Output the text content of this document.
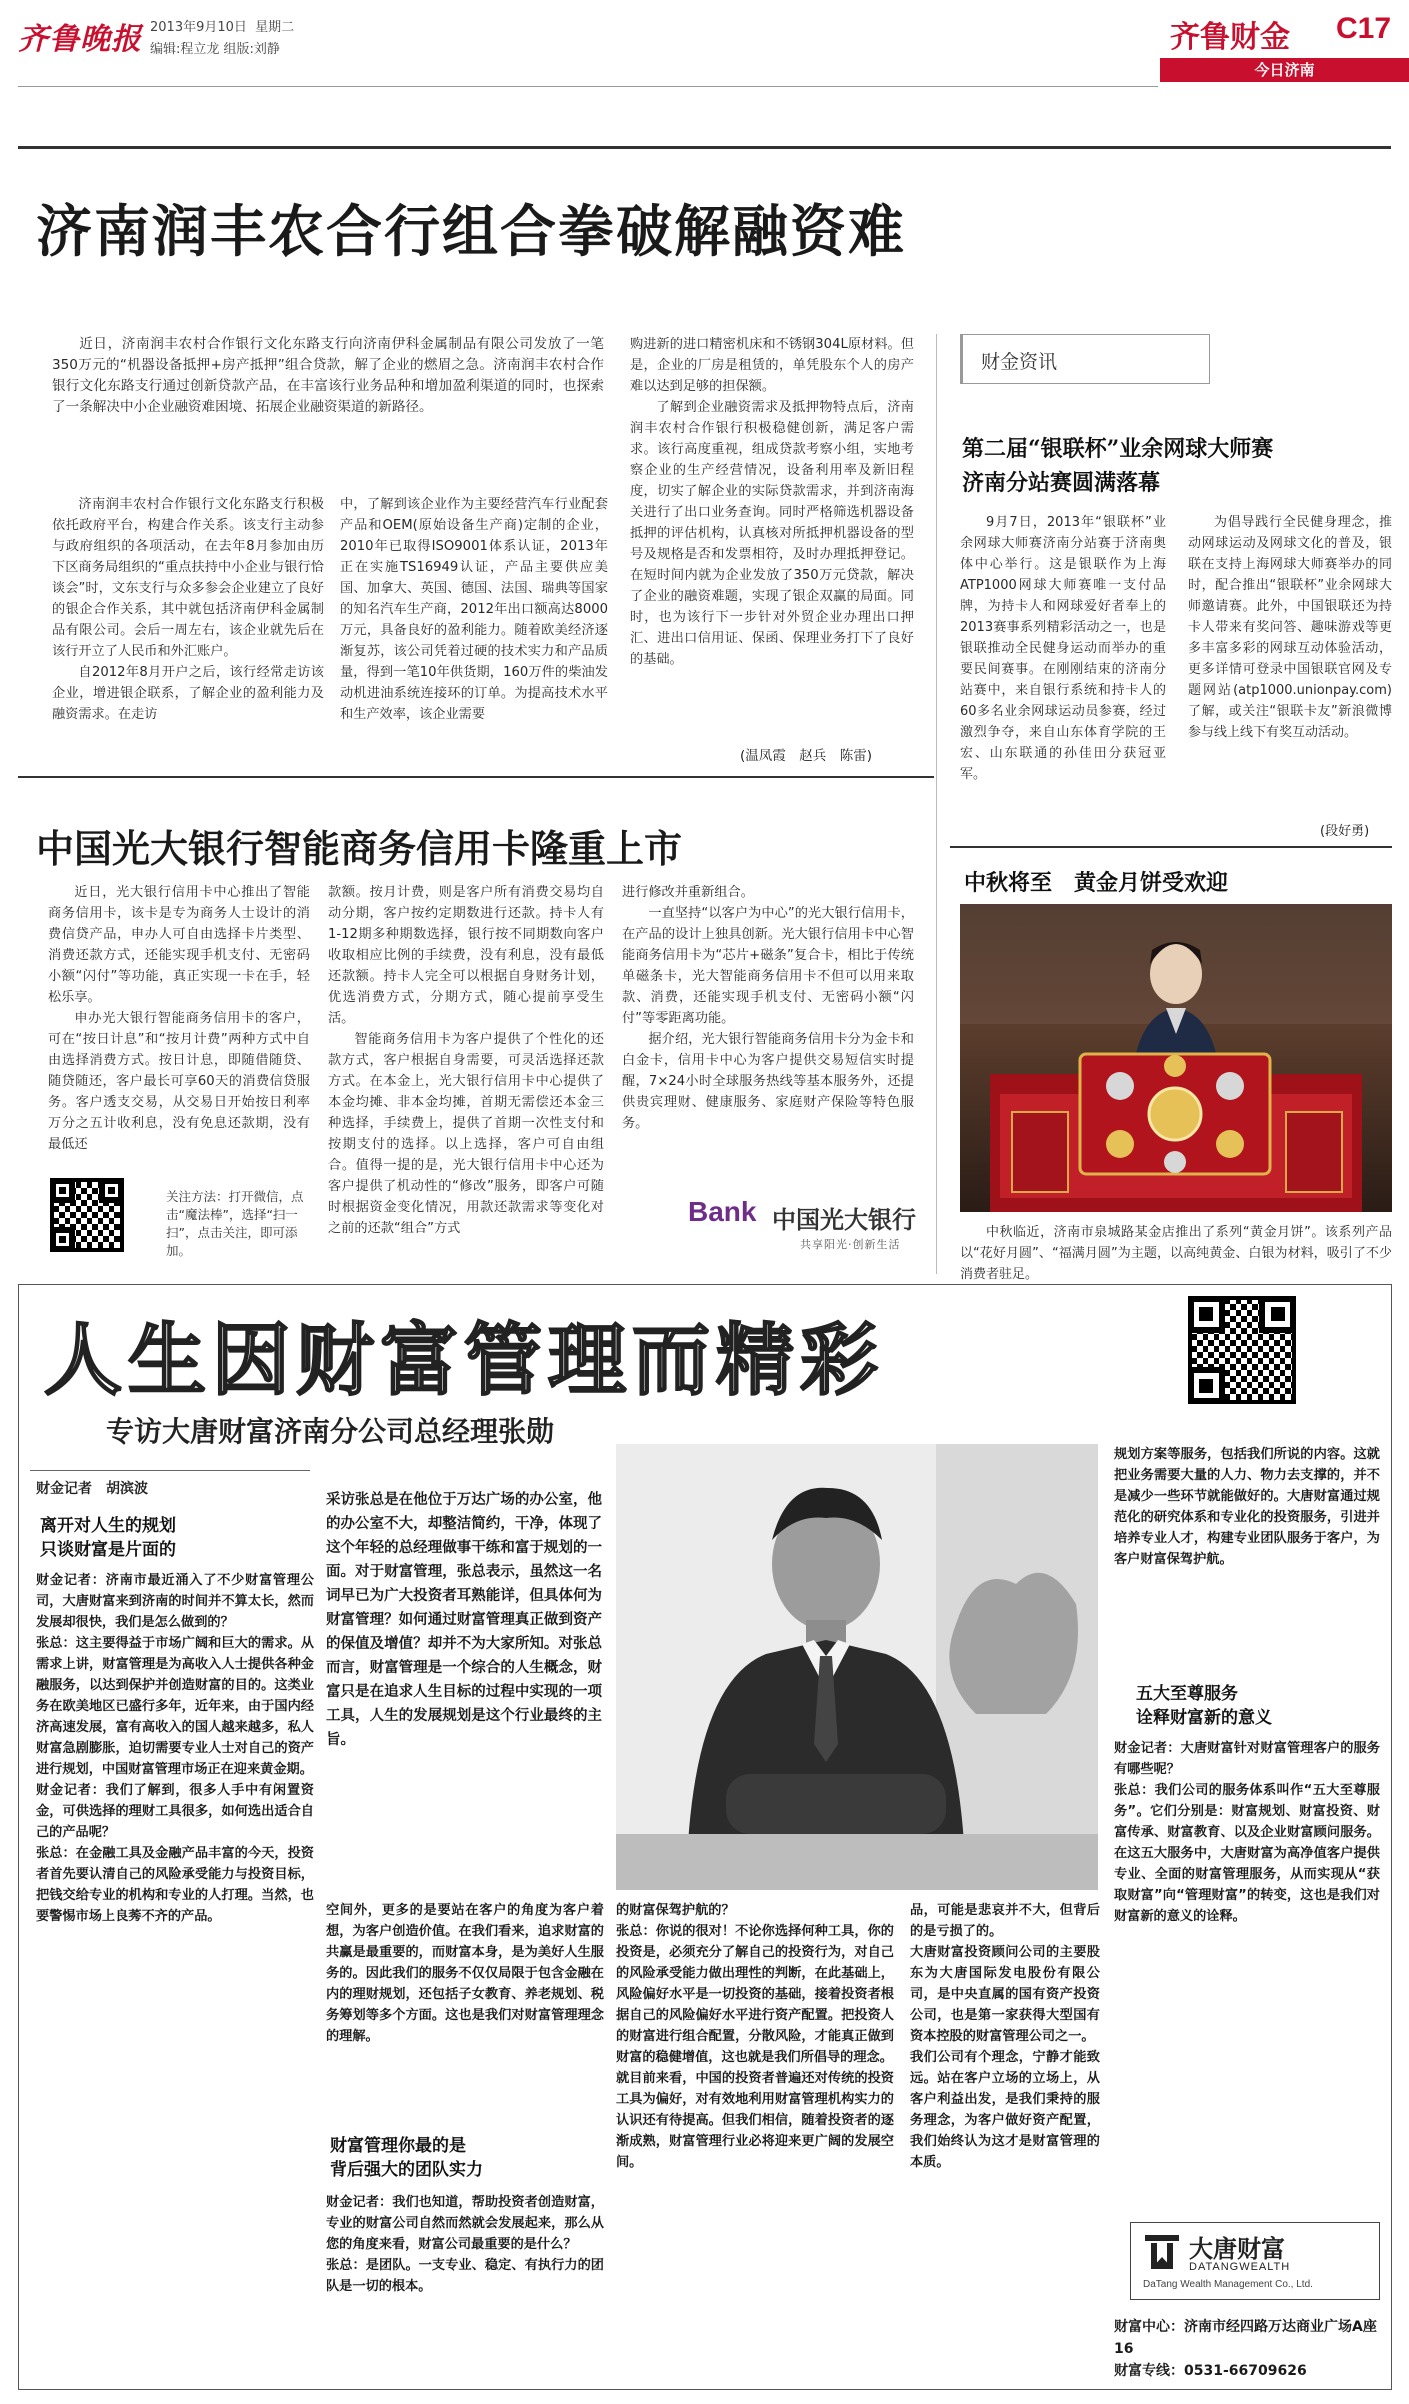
齐鲁晚报 2013年9月10日 星期二
编辑:程立龙 组版:刘静	齐鲁财金 C17
今日济南
济南润丰农合行组合拳破解融资难

近日，济南润丰农村合作银行文化东路支行向济南伊科金属制品有限公司发放了一笔350万元的“机器设备抵押+房产抵押”组合贷款，解了企业的燃眉之急。济南润丰农村合作银行文化东路支行通过创新贷款产品，在丰富该行业务品种和增加盈利渠道的同时，也探索了一条解决中小企业融资难困境、拓展企业融资渠道的新路径。

济南润丰农村合作银行文化东路支行积极依托政府平台，构建合作关系。该支行主动参与政府组织的各项活动，在去年8月参加由历下区商务局组织的“重点扶持中小企业与银行恰谈会”时，文东支行与众多参会企业建立了良好的银企合作关系，其中就包括济南伊科金属制品有限公司。会后一周左右，该企业就先后在该行开立了人民币和外汇账户。

自2012年8月开户之后，该行经常走访该企业，增进银企联系，了解企业的盈利能力及融资需求。在走访

中，了解到该企业作为主要经营汽车行业配套产品和OEM(原始设备生产商)定制的企业，2010年已取得ISO9001体系认证，2013年正在实施TS16949认证，产品主要供应美国、加拿大、英国、德国、法国、瑞典等国家的知名汽车生产商，2012年出口额高达8000万元，具备良好的盈利能力。随着欧美经济逐渐复苏，该公司凭着过硬的技术实力和产品质量，得到一笔10年供货期，160万件的柴油发动机进油系统连接环的订单。为提高技术水平和生产效率，该企业需要

购进新的进口精密机床和不锈钢304L原材料。但是，企业的厂房是租赁的，单凭股东个人的房产难以达到足够的担保额。

了解到企业融资需求及抵押物特点后，济南润丰农村合作银行积极稳健创新，满足客户需求。该行高度重视，组成贷款考察小组，实地考察企业的生产经营情况，设备利用率及新旧程度，切实了解企业的实际贷款需求，并到济南海关进行了出口业务查询。同时严格筛选机器设备抵押的评估机构，认真核对所抵押机器设备的型号及规格是否和发票相符，及时办理抵押登记。在短时间内就为企业发放了350万元贷款，解决了企业的融资难题，实现了银企双赢的局面。同时，也为该行下一步针对外贸企业办理出口押汇、进出口信用证、保函、保理业务打下了良好的基础。

(温凤霞　赵兵　陈雷)
财金资讯
第二届“银联杯”业余网球大师赛
济南分站赛圆满落幕

9月7日，2013年“银联杯”业余网球大师赛济南分站赛于济南奥体中心举行。这是银联作为上海ATP1000网球大师赛唯一支付品牌，为持卡人和网球爱好者奉上的2013赛事系列精彩活动之一，也是银联推动全民健身运动而举办的重要民间赛事。在刚刚结束的济南分站赛中，来自银行系统和持卡人的60多名业余网球运动员参赛，经过激烈争夺，来自山东体育学院的王宏、山东联通的孙佳田分获冠亚军。

为倡导践行全民健身理念，推动网球运动及网球文化的普及，银联在支持上海网球大师赛举办的同时，配合推出“银联杯”业余网球大师邀请赛。此外，中国银联还为持卡人带来有奖问答、趣味游戏等更多丰富多彩的网球互动体验活动，更多详情可登录中国银联官网及专题网站(atp1000.unionpay.com)了解，或关注“银联卡友”新浪微博参与线上线下有奖互动活动。

(段好勇)
中秋将至　黄金月饼受欢迎

中秋临近，济南市泉城路某金店推出了系列“黄金月饼”。该系列产品以“花好月圆”、“福满月圆”为主题，以高纯黄金、白银为材料，吸引了不少消费者驻足。

中国光大银行智能商务信用卡隆重上市

近日，光大银行信用卡中心推出了智能商务信用卡，该卡是专为商务人士设计的消费信贷产品，申办人可自由选择卡片类型、消费还款方式，还能实现手机支付、无密码小额“闪付”等功能，真正实现一卡在手，轻松乐享。

申办光大银行智能商务信用卡的客户，可在“按日计息”和“按月计费”两种方式中自由选择消费方式。按日计息，即随借随贷、随贷随还，客户最长可享60天的消费信贷服务。客户透支交易，从交易日开始按日利率万分之五计收利息，没有免息还款期，没有最低还

款额。按月计费，则是客户所有消费交易均自动分期，客户按约定期数进行还款。持卡人有1-12期多种期数选择，银行按不同期数向客户收取相应比例的手续费，没有利息，没有最低还款额。持卡人完全可以根据自身财务计划，优选消费方式，分期方式，随心提前享受生活。

智能商务信用卡为客户提供了个性化的还款方式，客户根据自身需要，可灵活选择还款方式。在本金上，光大银行信用卡中心提供了本金均摊、非本金均摊，首期无需偿还本金三种选择，手续费上，提供了首期一次性支付和按期支付的选择。以上选择，客户可自由组合。值得一提的是，光大银行信用卡中心还为客户提供了机动性的“修改”服务，即客户可随时根据资金变化情况，用款还款需求等变化对之前的还款“组合”方式

进行修改并重新组合。

一直坚持“以客户为中心”的光大银行信用卡，在产品的设计上独具创新。光大银行信用卡中心智能商务信用卡为“芯片+磁条”复合卡，相比于传统单磁条卡，光大智能商务信用卡不但可以用来取款、消费，还能实现手机支付、无密码小额“闪付”等零距离功能。

据介绍，光大银行智能商务信用卡分为金卡和白金卡，信用卡中心为客户提供交易短信实时提醒，7×24小时全球服务热线等基本服务外，还提供贵宾理财、健康服务、家庭财产保险等特色服务。

关注方法：打开微信，点击“魔法棒”，选择“扫一扫”，点击关注，即可添加。
Bank 中国光大银行
共享阳光·创新生活
人生因财富管理而精彩
专访大唐财富济南分公司总经理张勋
财金记者　胡滨波
离开对人生的规划
只谈财富是片面的

财金记者：济南市最近涌入了不少财富管理公司，大唐财富来到济南的时间并不算太长，然而发展却很快，我们是怎么做到的？

张总：这主要得益于市场广阔和巨大的需求。从需求上讲，财富管理是为高收入人士提供各种金融服务，以达到保护并创造财富的目的。这类业务在欧美地区已盛行多年，近年来，由于国内经济高速发展，富有高收入的国人越来越多，私人财富急剧膨胀，迫切需要专业人士对自己的资产进行规划，中国财富管理市场正在迎来黄金期。

财金记者：我们了解到，很多人手中有闲置资金，可供选择的理财工具很多，如何选出适合自己的产品呢？

张总：在金融工具及金融产品丰富的今天，投资者首先要认清自己的风险承受能力与投资目标，把钱交给专业的机构和专业的人打理。当然，也要警惕市场上良莠不齐的产品。

采访张总是在他位于万达广场的办公室，他的办公室不大，却整洁简约，干净，体现了这个年轻的总经理做事干练和富于规划的一面。对于财富管理，张总表示，虽然这一名词早已为广大投资者耳熟能详，但具体何为财富管理？如何通过财富管理真正做到资产的保值及增值？却并不为大家所知。对张总而言，财富管理是一个综合的人生概念，财富只是在追求人生目标的过程中实现的一项工具，人生的发展规划是这个行业最终的主旨。

空间外，更多的是要站在客户的角度为客户着想，为客户创造价值。在我们看来，追求财富的共赢是最重要的，而财富本身，是为美好人生服务的。因此我们的服务不仅仅局限于包含金融在内的理财规划，还包括子女教育、养老规划、税务筹划等多个方面。这也是我们对财富管理理念的理解。

财富管理你最的是
背后强大的团队实力

财金记者：我们也知道，帮助投资者创造财富，专业的财富公司自然而然就会发展起来，那么从您的角度来看，财富公司最重要的是什么？

张总：是团队。一支专业、稳定、有执行力的团队是一切的根本。

的财富保驾护航的？

张总：你说的很对！不论你选择何种工具，你的投资是，必须充分了解自己的投资行为，对自己的风险承受能力做出理性的判断，在此基础上，风险偏好水平是一切投资的基础，接着投资者根据自己的风险偏好水平进行资产配置。把投资人的财富进行组合配置，分散风险，才能真正做到财富的稳健增值，这也就是我们所倡导的理念。

就目前来看，中国的投资者普遍还对传统的投资工具为偏好，对有效地利用财富管理机构实力的认识还有待提高。但我们相信，随着投资者的逐渐成熟，财富管理行业必将迎来更广阔的发展空间。

品，可能是悲哀并不大，但背后的是亏损了的。

大唐财富投资顾问公司的主要股东为大唐国际发电股份有限公司，是中央直属的国有资产投资公司，也是第一家获得大型国有资本控股的财富管理公司之一。

我们公司有个理念，宁静才能致远。站在客户立场的立场上，从客户利益出发，是我们秉持的服务理念，为客户做好资产配置，我们始终认为这才是财富管理的本质。

规划方案等服务，包括我们所说的内容。这就把业务需要大量的人力、物力去支撑的，并不是减少一些环节就能做好的。大唐财富通过规范化的研究体系和专业化的投资服务，引进并培养专业人才，构建专业团队服务于客户，为客户财富保驾护航。

五大至尊服务
诠释财富新的意义

财金记者：大唐财富针对财富管理客户的服务有哪些呢？

张总：我们公司的服务体系叫作“五大至尊服务”。它们分别是：财富规划、财富投资、财富传承、财富教育、以及企业财富顾问服务。在这五大服务中，大唐财富为高净值客户提供专业、全面的财富管理服务，从而实现从“获取财富”向“管理财富”的转变，这也是我们对财富新的意义的诠释。

大唐财富
DATANGWEALTH
DaTang Wealth Management Co., Ltd.
财富中心：济南市经四路万达商业广场A座16
财富专线：0531-66709626
